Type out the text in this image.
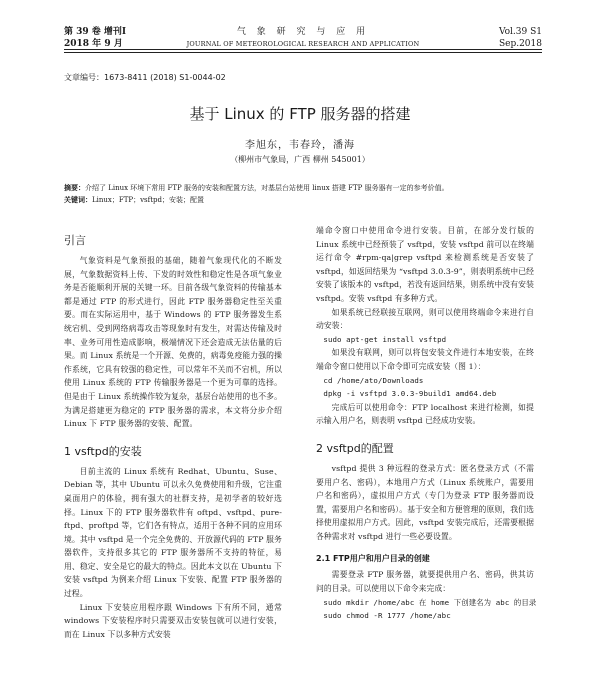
第 39 卷 增刊Ⅰ	气 象 研 究 与 应 用	Vol.39 S1
2018 年 9 月	JOURNAL OF METEOROLOGICAL RESEARCH AND APPLICATION	Sep.2018
文章编号：1673-8411 (2018) S1-0044-02
基于 Linux 的 FTP 服务器的搭建
李旭东，韦春玲，潘海
（柳州市气象局，广西 柳州 545001）
摘要：介绍了 Linux 环境下常用 FTP 服务的安装和配置方法，对基层台站使用 linux 搭建 FTP 服务器有一定的参考价值。
关键词：Linux；FTP；vsftpd；安装；配置
引言

气象资料是气象预报的基础，随着气象现代化的不断发展，气象数据资料上传、下发的时效性和稳定性是各项气象业务是否能顺利开展的关键一环。目前各级气象资料的传输基本都是通过 FTP 的形式进行，因此 FTP 服务器稳定性至关重要。而在实际运用中，基于 Windows 的 FTP 服务器发生系统宕机、受到网络病毒攻击等现象时有发生，对需达传输及时率、业务可用性造成影响，极端情况下还会造成无法估量的后果。而 Linux 系统是一个开源、免费的，病毒免疫能力强的操作系统，它具有较强的稳定性，可以常年不关而不宕机，所以使用 Linux 系统的 FTP 传输服务器是一个更为可靠的选择。但是由于 Linux 系统操作较为复杂，基层台站使用的也不多。为满足搭建更为稳定的 FTP 服务器的需求，本文将分步介绍 Linux 下 FTP 服务器的安装、配置。

1 vsftpd的安装

目前主流的 Linux 系统有 Redhat、Ubuntu、Suse、Debian 等，其中 Ubuntu 可以永久免费使用和升级，它注重桌面用户的体验，拥有强大的社群支持，是初学者的较好选择。Linux 下的 FTP 服务器软件有 oftpd、vsftpd、pure-ftpd、proftpd 等，它们各有特点，适用于各种不同的应用环境。其中 vsftpd 是一个完全免费的、开放源代码的 FTP 服务器软件，支持很多其它的 FTP 服务器所不支持的特征，易用、稳定、安全是它的最大的特点。因此本文以在 Ubuntu 下安装 vsftpd 为例来介绍 Linux 下安装、配置 FTP 服务器的过程。

Linux 下安装应用程序跟 Windows 下有所不同，通常 windows 下安装程序时只需要双击安装包就可以进行安装，而在 Linux 下以多种方式安装

端命令窗口中使用命令进行安装。目前，在部分发行版的 Linux 系统中已经预装了 vsftpd，安装 vsftpd 前可以在终端运行命令 #rpm-qa|grep vsftpd 来检测系统是否安装了 vsftpd，如返回结果为 “vsftpd 3.0.3-9”，则表明系统中已经安装了该版本的 vsftpd，若没有返回结果，则系统中没有安装 vsftpd。安装 vsftpd 有多种方式。

如果系统已经联接互联网，则可以使用终端命令来进行自动安装：

sudo apt-get install vsftpd

如果没有联网，则可以将包安装文件进行本地安装，在终端命令窗口使用以下命令即可完成安装（图 1）：

cd /home/ato/Downloads

dpkg -i vsftpd 3.0.3-9build1 amd64.deb

完成后可以使用命令：FTP localhost 来进行检测，如提示输入用户名，则表明 vsftpd 已经成功安装。

2 vsftpd的配置

vsftpd 提供 3 种远程的登录方式：匿名登录方式（不需要用户名、密码），本地用户方式（Linux 系统账户，需要用户名和密码），虚拟用户方式（专门为登录 FTP 服务器而设置，需要用户名和密码）。基于安全和方便管理的原则，我们选择使用虚拟用户方式。因此，vsftpd 安装完成后，还需要根据各种需求对 vsftpd 进行一些必要设置。

2.1 FTP用户和用户目录的创建

需要登录 FTP 服务器，就要提供用户名、密码，供其访问的目录。可以使用以下命令来完成：

sudo mkdir /home/abc 在 home 下创建名为 abc 的目录

sudo chmod -R 1777 /home/abc
